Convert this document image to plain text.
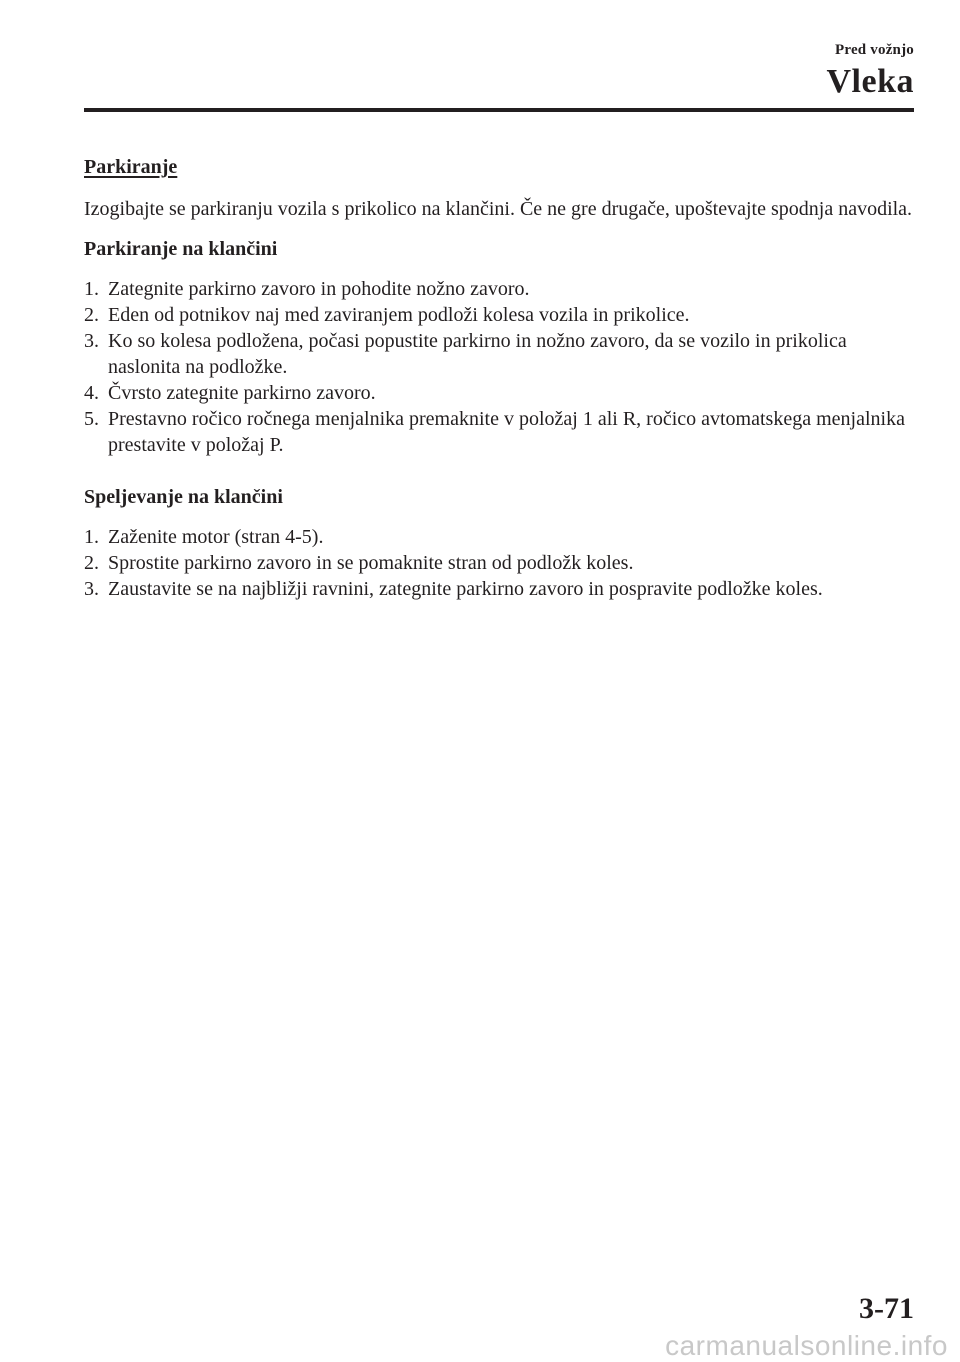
Pred vožnjo
Vleka
Parkiranje

Izogibajte se parkiranju vozila s prikolico na klančini. Če ne gre drugače, upoštevajte spodnja navodila.

Parkiranje na klančini
1. Zategnite parkirno zavoro in pohodite nožno zavoro.
2. Eden od potnikov naj med zaviranjem podloži kolesa vozila in prikolice.
3. Ko so kolesa podložena, počasi popustite parkirno in nožno zavoro, da se vozilo in prikolica naslonita na podložke.
4. Čvrsto zategnite parkirno zavoro.
5. Prestavno ročico ročnega menjalnika premaknite v položaj 1 ali R, ročico avtomatskega menjalnika prestavite v položaj P.
Speljevanje na klančini
1. Zaženite motor (stran 4-5).
2. Sprostite parkirno zavoro in se pomaknite stran od podložk koles.
3. Zaustavite se na najbližji ravnini, zategnite parkirno zavoro in pospravite podložke koles.
3-71
carmanualsonline.info
